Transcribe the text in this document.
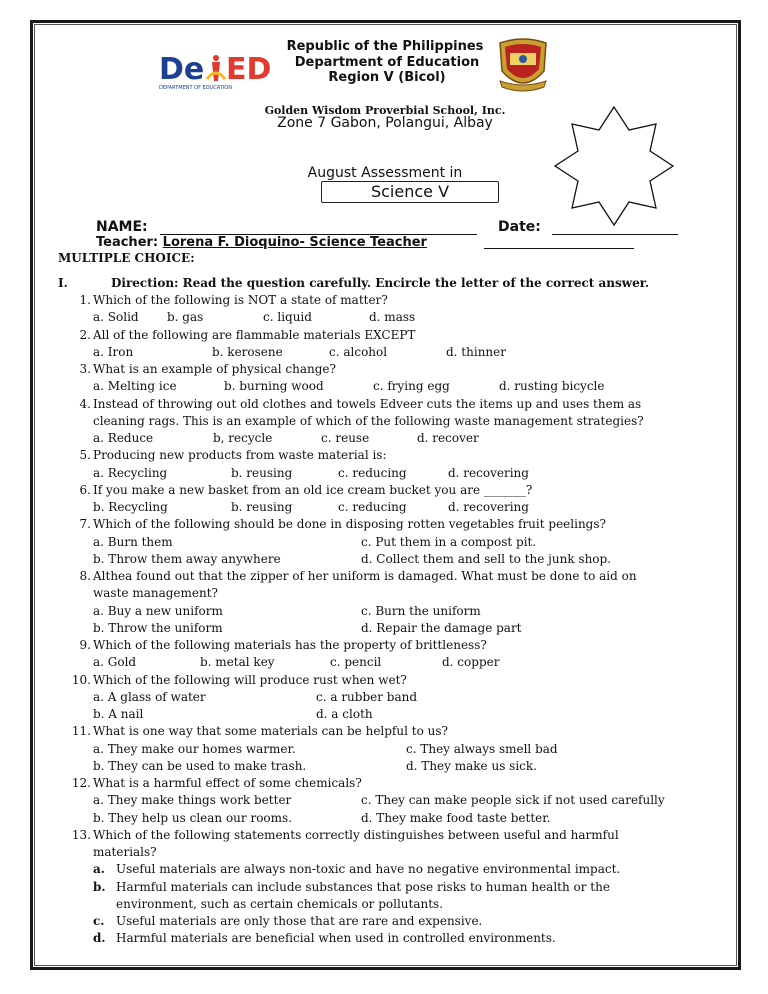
Republic of the Philippines
Department of Education
Region V (Bicol)
De ED
DEPARTMENT OF EDUCATION
Golden Wisdom Proverbial School, Inc.
Zone 7 Gabon, Polangui, Albay
August Assessment in
Science V
NAME:	Date:
Teacher: Lorena F. Dioquino- Science Teacher
MULTIPLE CHOICE:
I.	Direction: Read the question carefully. Encircle the letter of the correct answer.
1. Which of the following is NOT a state of matter?
a. Solid b. gas	c. liquid	d. mass
2. All of the following are flammable materials EXCEPT
a. Iron	b. kerosene	c. alcohol	d. thinner
3. What is an example of physical change?
a. Melting ice	b. burning wood	c. frying egg	d. rusting bicycle
4. Instead of throwing out old clothes and towels Edveer cuts the items up and uses them as
cleaning rags. This is an example of which of the following waste management strategies?
a. Reduce	b, recycle	c. reuse	d. recover
5. Producing new products from waste material is:
a. Recycling	b. reusing	c. reducing	d. recovering
6. If you make a new basket from an old ice cream bucket you are _______?
b. Recycling	b. reusing	c. reducing	d. recovering
7. Which of the following should be done in disposing rotten vegetables fruit peelings?
a. Burn them	c. Put them in a compost pit.
b. Throw them away anywhere	d. Collect them and sell to the junk shop.
8. Althea found out that the zipper of her uniform is damaged. What must be done to aid on
waste management?
a. Buy a new uniform	c. Burn the uniform
b. Throw the uniform	d. Repair the damage part
9. Which of the following materials has the property of brittleness?
a. Gold	b. metal key	c. pencil	d. copper
10. Which of the following will produce rust when wet?
a. A glass of water	c. a rubber band
b. A nail	d. a cloth
11. What is one way that some materials can be helpful to us?
a. They make our homes warmer.	c. They always smell bad
b. They can be used to make trash.	d. They make us sick.
12. What is a harmful effect of some chemicals?
a. They make things work better	c. They can make people sick if not used carefully
b. They help us clean our rooms.	d. They make food taste better.
13. Which of the following statements correctly distinguishes between useful and harmful
materials?
a. Useful materials are always non-toxic and have no negative environmental impact.
b. Harmful materials can include substances that pose risks to human health or the
environment, such as certain chemicals or pollutants.
c. Useful materials are only those that are rare and expensive.
d. Harmful materials are beneficial when used in controlled environments.
